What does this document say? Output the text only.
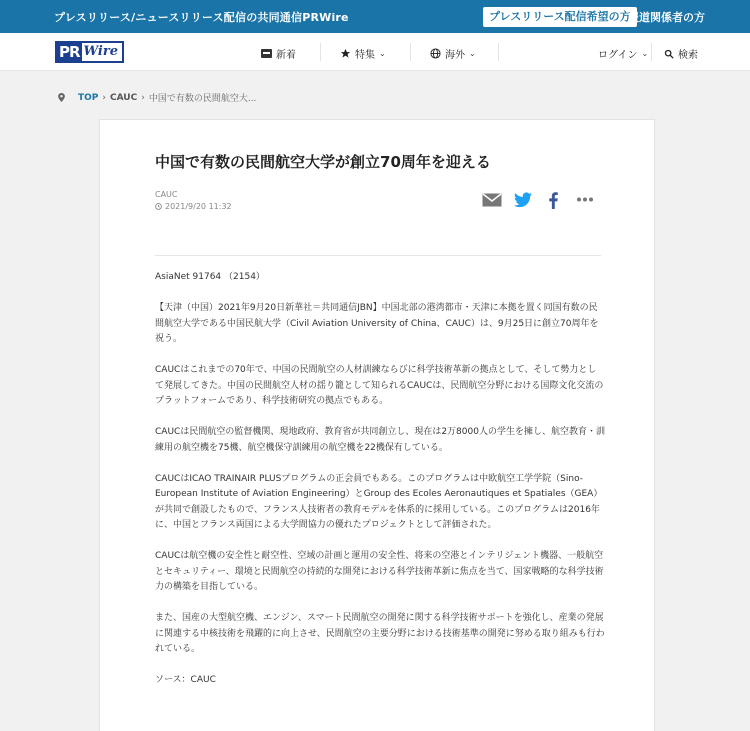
プレスリリース/ニュースリリース配信の共同通信PRWire	プレスリリース配信希望の方
報道関係者の方
PR Wire	新着	特集 ⌄	海外 ⌄	ログイン ⌄	検索
TOP › CAUC › 中国で有数の民間航空大...
中国で有数の民間航空大学が創立70周年を迎える
CAUC
2021/9/20 11:32

AsiaNet 91764 （2154）

【天津（中国）2021年9月20日新華社＝共同通信JBN】中国北部の港湾都市・天津に本拠を置く同国有数の民間航空大学である中国民航大学（Civil Aviation University of China、CAUC）は、9月25日に創立70周年を祝う。

CAUCはこれまでの70年で、中国の民間航空の人材訓練ならびに科学技術革新の拠点として、そして勢力として発展してきた。中国の民間航空人材の揺り籠として知られるCAUCは、民間航空分野における国際文化交流のプラットフォームであり、科学技術研究の拠点でもある。

CAUCは民間航空の監督機関、現地政府、教育省が共同創立し、現在は2万8000人の学生を擁し、航空教育・訓練用の航空機を75機、航空機保守訓練用の航空機を22機保有している。

CAUCはICAO TRAINAIR PLUSプログラムの正会員でもある。このプログラムは中欧航空工学学院（Sino-European Institute of Aviation Engineering）とGroup des Ecoles Aeronautiques et Spatiales（GEA）が共同で創設したもので、フランス人技術者の教育モデルを体系的に採用している。このプログラムは2016年に、中国とフランス両国による大学間協力の優れたプロジェクトとして評価された。

CAUCは航空機の安全性と耐空性、空域の計画と運用の安全性、将来の空港とインテリジェント機器、一般航空とセキュリティー、環境と民間航空の持続的な開発における科学技術革新に焦点を当て、国家戦略的な科学技術力の構築を目指している。

また、国産の大型航空機、エンジン、スマート民間航空の開発に関する科学技術サポートを強化し、産業の発展に関連する中核技術を飛躍的に向上させ、民間航空の主要分野における技術基準の開発に努める取り組みも行われている。

ソース：CAUC
